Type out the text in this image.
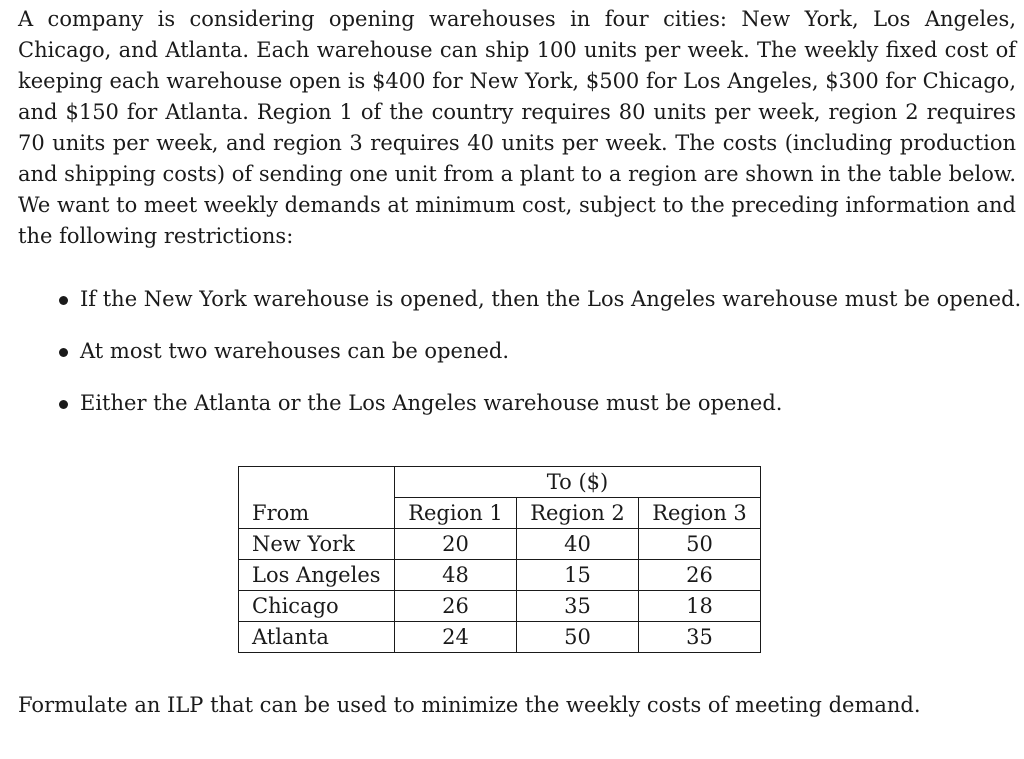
A company is considering opening warehouses in four cities: New York, Los Angeles, Chicago, and Atlanta. Each warehouse can ship 100 units per week. The weekly fixed cost of keeping each warehouse open is $400 for New York, $500 for Los Angeles, $300 for Chicago, and $150 for Atlanta. Region 1 of the country requires 80 units per week, region 2 requires 70 units per week, and region 3 requires 40 units per week. The costs (including production and shipping costs) of sending one unit from a plant to a region are shown in the table below. We want to meet weekly demands at minimum cost, subject to the preceding information and the following restrictions:

If the New York warehouse is opened, then the Los Angeles warehouse must be opened.
At most two warehouses can be opened.
Either the Atlanta or the Los Angeles warehouse must be opened.

Formulate an ILP that can be used to minimize the weekly costs of meeting demand.

	To ($)		
From	Region 1	Region 2	Region 3
New York	20	40	50
Los Angeles	48	15	26
Chicago	26	35	18
Atlanta	24	50	35
